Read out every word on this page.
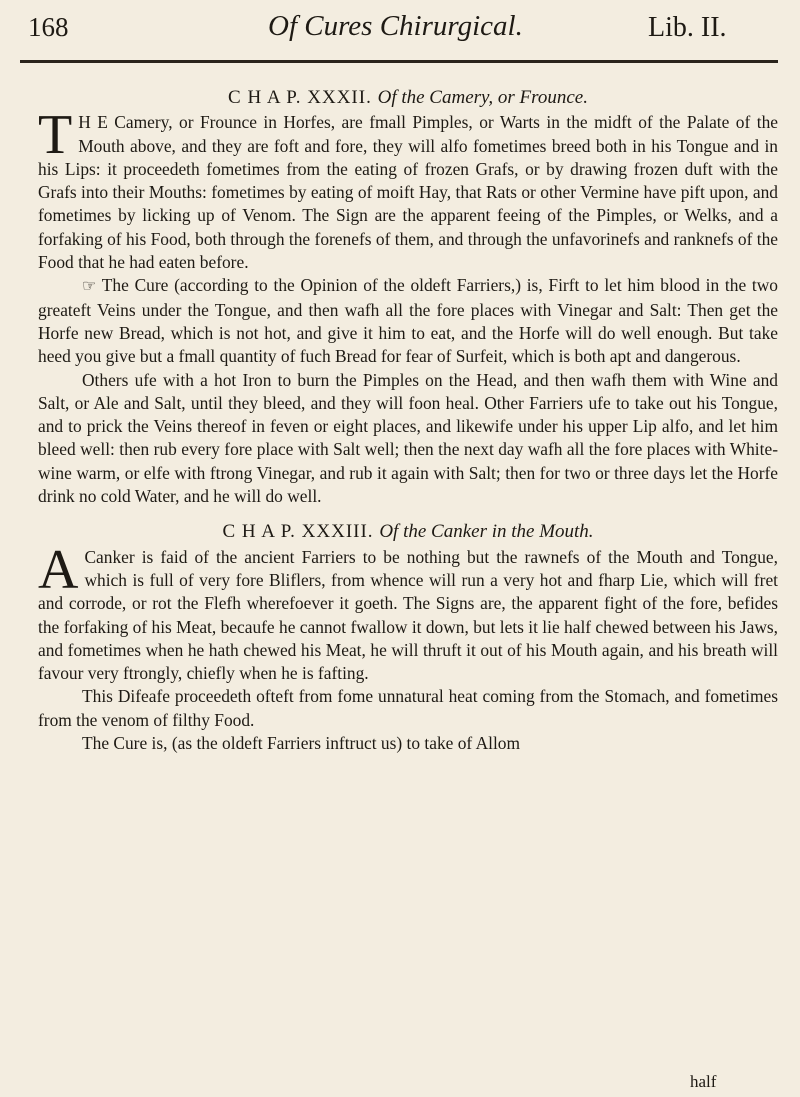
168	Of Cures Chirurgical.	Lib. II.
C H A P. XXXII. Of the Camery, or Frounce.

T H E Camery, or Frounce in Horfes, are fmall Pimples, or Warts in the midft of the Palate of the Mouth above, and they are foft and fore, they will alfo fometimes breed both in his Tongue and in his Lips: it proceedeth fometimes from the eating of frozen Grafs, or by drawing frozen duft with the Grafs into their Mouths: fometimes by eating of moift Hay, that Rats or other Vermine have pift upon, and fometimes by licking up of Venom. The Sign are the apparent feeing of the Pimples, or Welks, and a forfaking of his Food, both through the forenefs of them, and through the unfavorinefs and ranknefs of the Food that he had eaten before.

☞ The Cure (according to the Opinion of the oldeft Farriers,) is, Firft to let him blood in the two greateft Veins under the Tongue, and then wafh all the fore places with Vinegar and Salt: Then get the Horfe new Bread, which is not hot, and give it him to eat, and the Horfe will do well enough. But take heed you give but a fmall quantity of fuch Bread for fear of Surfeit, which is both apt and dangerous.

Others ufe with a hot Iron to burn the Pimples on the Head, and then wafh them with Wine and Salt, or Ale and Salt, until they bleed, and they will foon heal. Other Farriers ufe to take out his Tongue, and to prick the Veins thereof in feven or eight places, and likewife under his upper Lip alfo, and let him bleed well: then rub every fore place with Salt well; then the next day wafh all the fore places with White-wine warm, or elfe with ftrong Vinegar, and rub it again with Salt; then for two or three days let the Horfe drink no cold Water, and he will do well.

C H A P. XXXIII. Of the Canker in the Mouth.

A Canker is faid of the ancient Farriers to be nothing but the rawnefs of the Mouth and Tongue, which is full of very fore Bliflers, from whence will run a very hot and fharp Lie, which will fret and corrode, or rot the Flefh wherefoever it goeth. The Signs are, the apparent fight of the fore, befides the forfaking of his Meat, becaufe he cannot fwallow it down, but lets it lie half chewed between his Jaws, and fometimes when he hath chewed his Meat, he will thruft it out of his Mouth again, and his breath will favour very ftrongly, chiefly when he is fafting.

This Difeafe proceedeth ofteft from fome unnatural heat coming from the Stomach, and fometimes from the venom of filthy Food.

The Cure is, (as the oldeft Farriers inftruct us) to take of Allom

half
